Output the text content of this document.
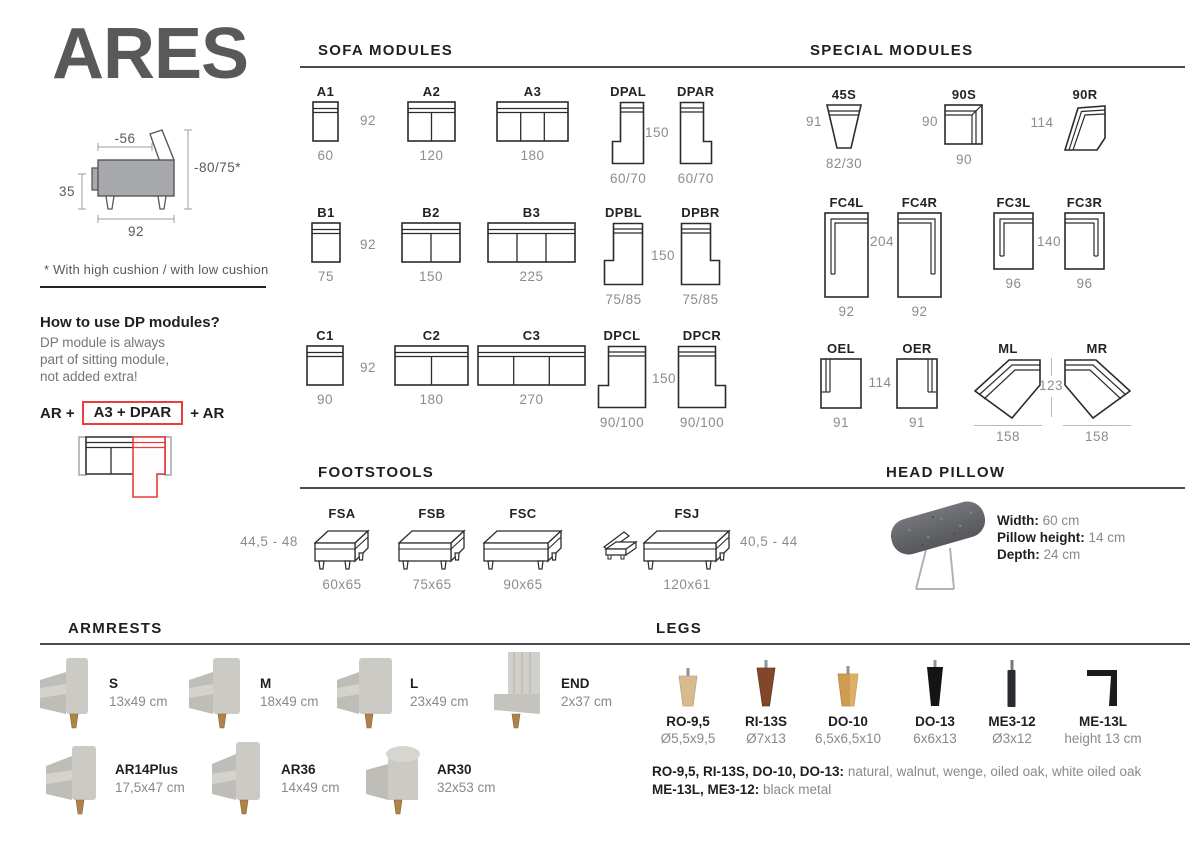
ARES
-56
-80/75*
35
92
* With high cushion / with low cushion
How to use DP modules?
DP module is always
part of sitting module,
not added extra!
AR +	A3 + DPAR	+ AR
SOFA MODULES	SPECIAL MODULES
FOOTSTOOLS	HEAD PILLOW
ARMRESTS	LEGS
A1
60
92
A2
120
A3
180
DPAL
60/70
150
DPAR
60/70
B1
75
92
B2
150
B3
225
DPBL
75/85
150
DPBR
75/85
C1
90
92
C2
180
C3
270
DPCL
90/100
150
DPCR
90/100
45S
82/30
91
90S
90
90
90R
114
FC4L
92
204
FC4R
92
FC3L
96
140
FC3R
96
OEL
91
114
OER
91
ML
158
123
MR
158
44,5 - 48
FSA
60x65
FSB
75x65
FSC
90x65
FSJ
120x61
40,5 - 44
Width: 60 cm
Pillow height: 14 cm
Depth: 24 cm
S
13x49 cm
M
18x49 cm
L
23x49 cm
END
2x37 cm
AR14Plus
17,5x47 cm
AR36
14x49 cm
AR30
32x53 cm
RO-9,5
Ø5,5x9,5
RI-13S
Ø7x13
DO-10
6,5x6,5x10
DO-13
6x6x13
ME3-12
Ø3x12
ME-13L
height 13 cm
RO-9,5, RI-13S, DO-10, DO-13: natural, walnut, wenge, oiled oak, white oiled oak
ME-13L, ME3-12: black metal
